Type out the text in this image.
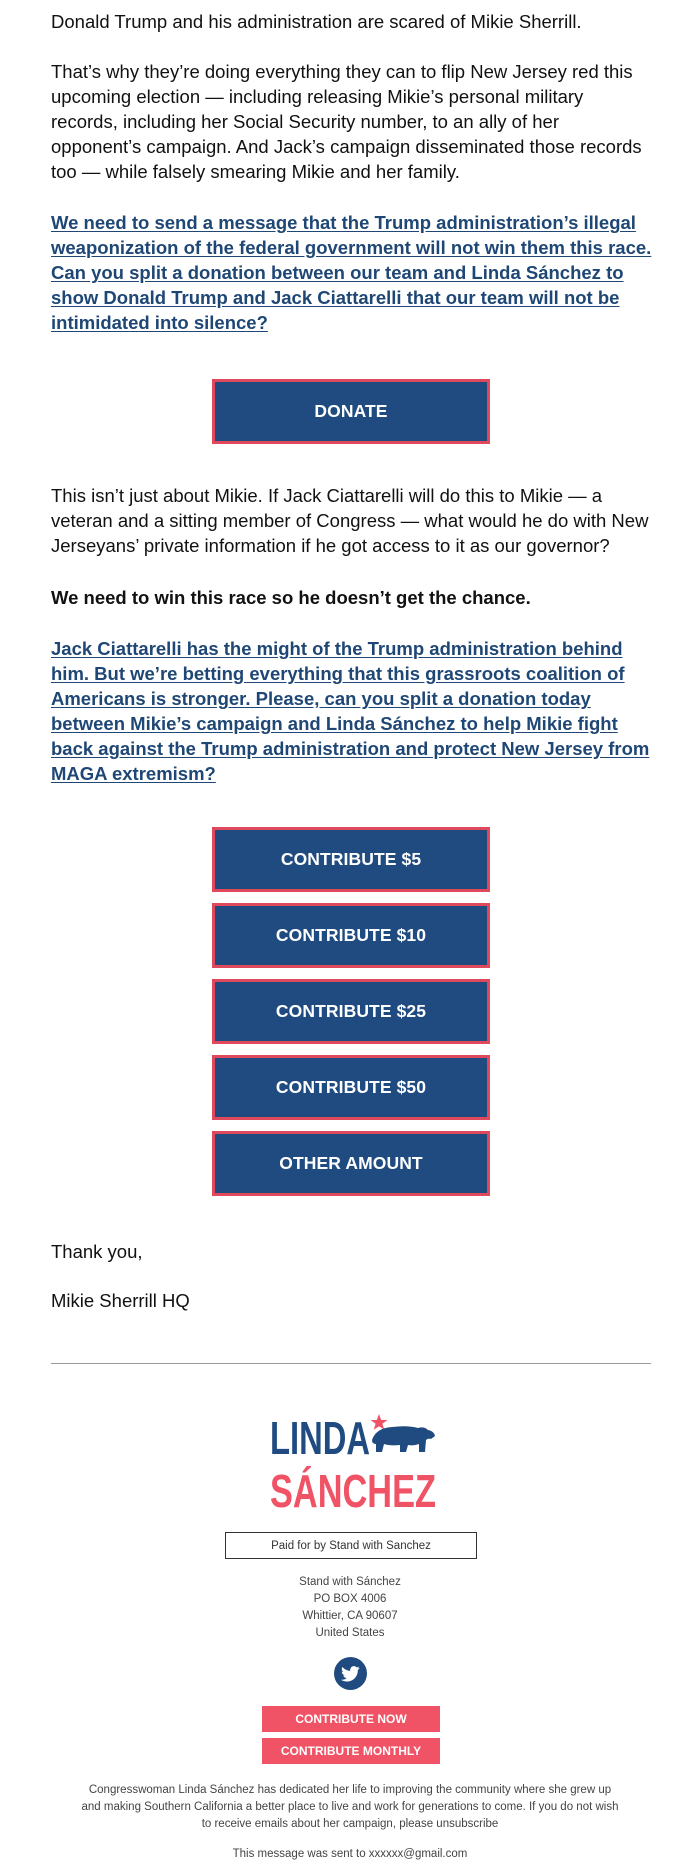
Donald Trump and his administration are scared of Mikie Sherrill.

That’s why they’re doing everything they can to flip New Jersey red this upcoming election — including releasing Mikie’s personal military records, including her Social Security number, to an ally of her opponent’s campaign. And Jack’s campaign disseminated those records too — while falsely smearing Mikie and her family.

We need to send a message that the Trump administration’s illegal weaponization of the federal government will not win them this race. Can you split a donation between our team and Linda Sánchez to show Donald Trump and Jack Ciattarelli that our team will not be intimidated into silence?

DONATE

This isn’t just about Mikie. If Jack Ciattarelli will do this to Mikie — a veteran and a sitting member of Congress — what would he do with New Jerseyans’ private information if he got access to it as our governor?

We need to win this race so he doesn’t get the chance.

Jack Ciattarelli has the might of the Trump administration behind him. But we’re betting everything that this grassroots coalition of Americans is stronger. Please, can you split a donation today between Mikie’s campaign and Linda Sánchez to help Mikie fight back against the Trump administration and protect New Jersey from MAGA extremism?

CONTRIBUTE $5
CONTRIBUTE $10
CONTRIBUTE $25
CONTRIBUTE $50
OTHER AMOUNT

Thank you,

Mikie Sherrill HQ

LINDA
SÁNCHEZ
Paid for by Stand with Sanchez
Stand with Sánchez
PO BOX 4006
Whittier, CA 90607
United States
CONTRIBUTE NOW
CONTRIBUTE MONTHLY
Congresswoman Linda Sánchez has dedicated her life to improving the community where she grew up and making Southern California a better place to live and work for generations to come. If you do not wish to receive emails about her campaign, please unsubscribe
This message was sent to xxxxxx@gmail.com
